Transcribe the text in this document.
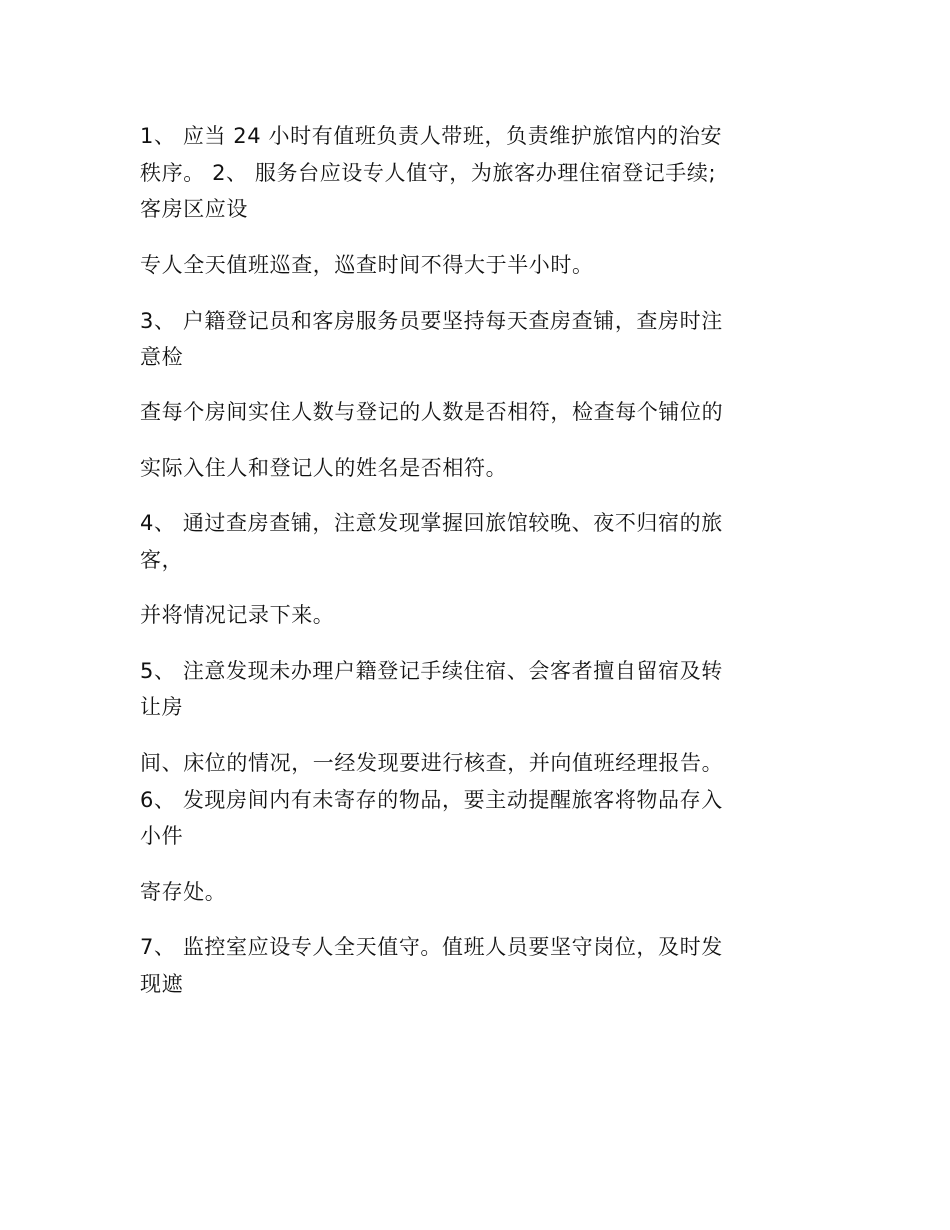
1、 应当 24 小时有值班负责人带班，负责维护旅馆内的治安
秩序。 2、 服务台应设专人值守，为旅客办理住宿登记手续;
客房区应设
专人全天值班巡查，巡查时间不得大于半小时。
3、 户籍登记员和客房服务员要坚持每天查房查铺，查房时注
意检
查每个房间实住人数与登记的人数是否相符，检查每个铺位的
实际入住人和登记人的姓名是否相符。
4、 通过查房查铺，注意发现掌握回旅馆较晚、夜不归宿的旅
客，
并将情况记录下来。
5、 注意发现未办理户籍登记手续住宿、会客者擅自留宿及转
让房
间、床位的情况，一经发现要进行核查，并向值班经理报告。
6、 发现房间内有未寄存的物品，要主动提醒旅客将物品存入
小件
寄存处。
7、 监控室应设专人全天值守。值班人员要坚守岗位，及时发
现遮
